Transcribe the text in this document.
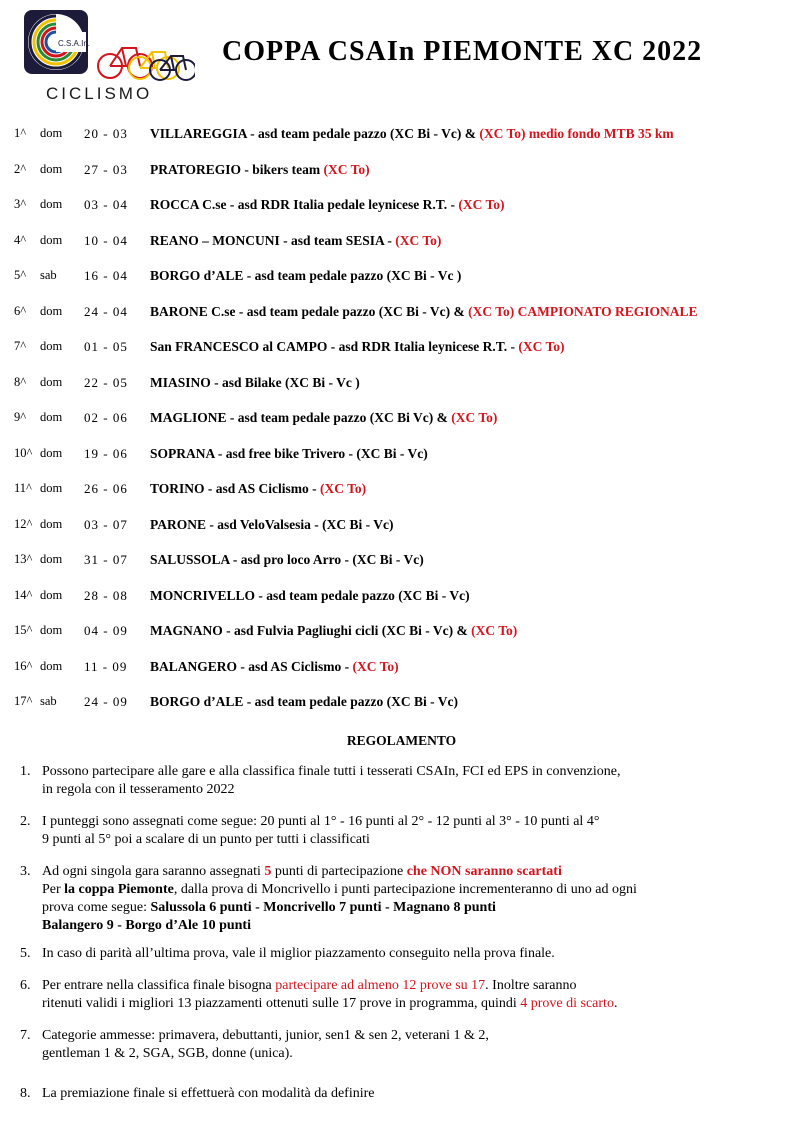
C.S.A.In.
CICLISMO
COPPA CSAIn PIEMONTE XC 2022
1^	dom	20 - 03	VILLAREGGIA - asd team pedale pazzo (XC Bi - Vc) & (XC To) medio fondo MTB 35 km
2^	dom	27 - 03	PRATOREGIO - bikers team (XC To)
3^	dom	03 - 04	ROCCA C.se - asd RDR Italia pedale leynicese R.T. - (XC To)
4^	dom	10 - 04	REANO – MONCUNI - asd team SESIA - (XC To)
5^	sab	16 - 04	BORGO d’ALE - asd team pedale pazzo (XC Bi - Vc )
6^	dom	24 - 04	BARONE C.se - asd team pedale pazzo (XC Bi - Vc) & (XC To) CAMPIONATO REGIONALE
7^	dom	01 - 05	San FRANCESCO al CAMPO - asd RDR Italia leynicese R.T. - (XC To)
8^	dom	22 - 05	MIASINO - asd Bilake (XC Bi - Vc )
9^	dom	02 - 06	MAGLIONE - asd team pedale pazzo (XC Bi Vc) & (XC To)
10^ dom	19 - 06	SOPRANA - asd free bike Trivero - (XC Bi - Vc)
11^ dom	26 - 06	TORINO - asd AS Ciclismo - (XC To)
12^ dom	03 - 07	PARONE - asd VeloValsesia - (XC Bi - Vc)
13^ dom	31 - 07	SALUSSOLA - asd pro loco Arro - (XC Bi - Vc)
14^ dom	28 - 08	MONCRIVELLO - asd team pedale pazzo (XC Bi - Vc)
15^ dom	04 - 09	MAGNANO - asd Fulvia Pagliughi cicli (XC Bi - Vc) & (XC To)
16^ dom	11 - 09	BALANGERO - asd AS Ciclismo - (XC To)
17^ sab	24 - 09	BORGO d’ALE - asd team pedale pazzo (XC Bi - Vc)
REGOLAMENTO
1. Possono partecipare alle gare e alla classifica finale tutti i tesserati CSAIn, FCI ed EPS in convenzione,
in regola con il tesseramento 2022
2. I punteggi sono assegnati come segue: 20 punti al 1° - 16 punti al 2° - 12 punti al 3° - 10 punti al 4°
9 punti al 5° poi a scalare di un punto per tutti i classificati
3. Ad ogni singola gara saranno assegnati 5 punti di partecipazione che NON saranno scartati
Per la coppa Piemonte, dalla prova di Moncrivello i punti partecipazione incrementeranno di uno ad ogni
prova come segue: Salussola 6 punti - Moncrivello 7 punti - Magnano 8 punti
Balangero 9 - Borgo d’Ale 10 punti
5. In caso di parità all’ultima prova, vale il miglior piazzamento conseguito nella prova finale.
6. Per entrare nella classifica finale bisogna partecipare ad almeno 12 prove su 17. Inoltre saranno
ritenuti validi i migliori 13 piazzamenti ottenuti sulle 17 prove in programma, quindi 4 prove di scarto.
7. Categorie ammesse: primavera, debuttanti, junior, sen1 & sen 2, veterani 1 & 2,
gentleman 1 & 2, SGA, SGB, donne (unica).
8. La premiazione finale si effettuerà con modalità da definire
